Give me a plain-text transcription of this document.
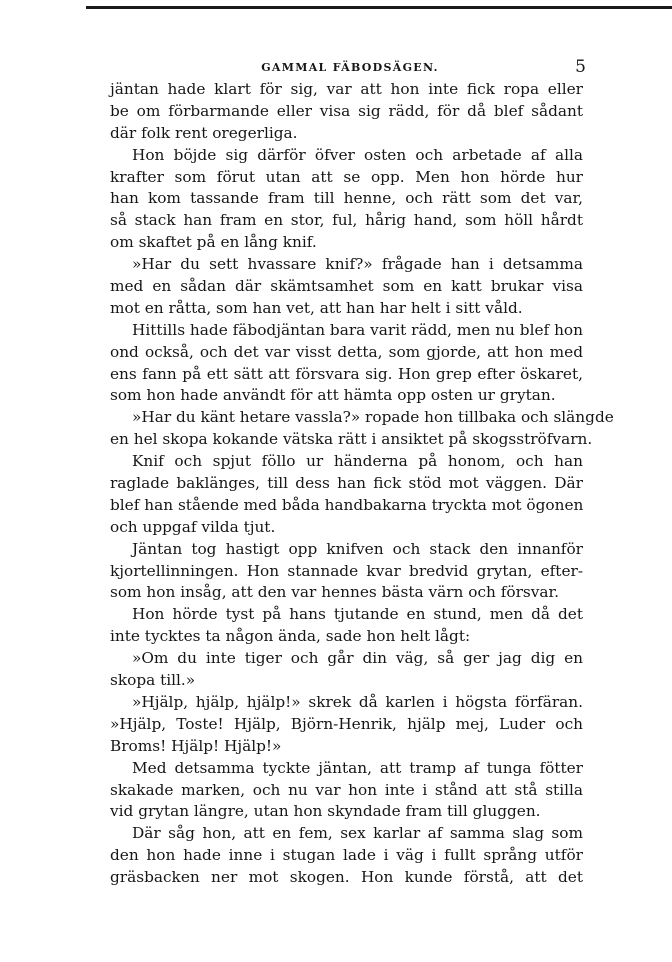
GAMMAL FÄBODSÄGEN.	5
jäntan hade klart för sig, var att hon inte fick ropa eller
be om förbarmande eller visa sig rädd, för då blef sådant
där folk rent oregerliga.
Hon böjde sig därför öfver osten och arbetade af alla
krafter som förut utan att se opp. Men hon hörde hur
han kom tassande fram till henne, och rätt som det var,
så stack han fram en stor, ful, hårig hand, som höll hårdt
om skaftet på en lång knif.
»Har du sett hvassare knif?» frågade han i detsamma
med en sådan där skämtsamhet som en katt brukar visa
mot en råtta, som han vet, att han har helt i sitt våld.
Hittills hade fäbodjäntan bara varit rädd, men nu blef hon
ond också, och det var visst detta, som gjorde, att hon med
ens fann på ett sätt att försvara sig. Hon grep efter öskaret,
som hon hade användt för att hämta opp osten ur grytan.
»Har du känt hetare vassla?» ropade hon tillbaka och slängde
en hel skopa kokande vätska rätt i ansiktet på skogsströfvarn.
Knif och spjut föllo ur händerna på honom, och han
raglade baklänges, till dess han fick stöd mot väggen. Där
blef han stående med båda handbakarna tryckta mot ögonen
och uppgaf vilda tjut.
Jäntan tog hastigt opp knifven och stack den innanför
kjortellinningen. Hon stannade kvar bredvid grytan, efter-
som hon insåg, att den var hennes bästa värn och försvar.
Hon hörde tyst på hans tjutande en stund, men då det
inte tycktes ta någon ända, sade hon helt lågt:
»Om du inte tiger och går din väg, så ger jag dig en
skopa till.»
»Hjälp, hjälp, hjälp!» skrek då karlen i högsta förfäran.
»Hjälp, Toste! Hjälp, Björn-Henrik, hjälp mej, Luder och
Broms! Hjälp! Hjälp!»
Med detsamma tyckte jäntan, att tramp af tunga fötter
skakade marken, och nu var hon inte i stånd att stå stilla
vid grytan längre, utan hon skyndade fram till gluggen.
Där såg hon, att en fem, sex karlar af samma slag som
den hon hade inne i stugan lade i väg i fullt språng utför
gräsbacken ner mot skogen. Hon kunde förstå, att det
